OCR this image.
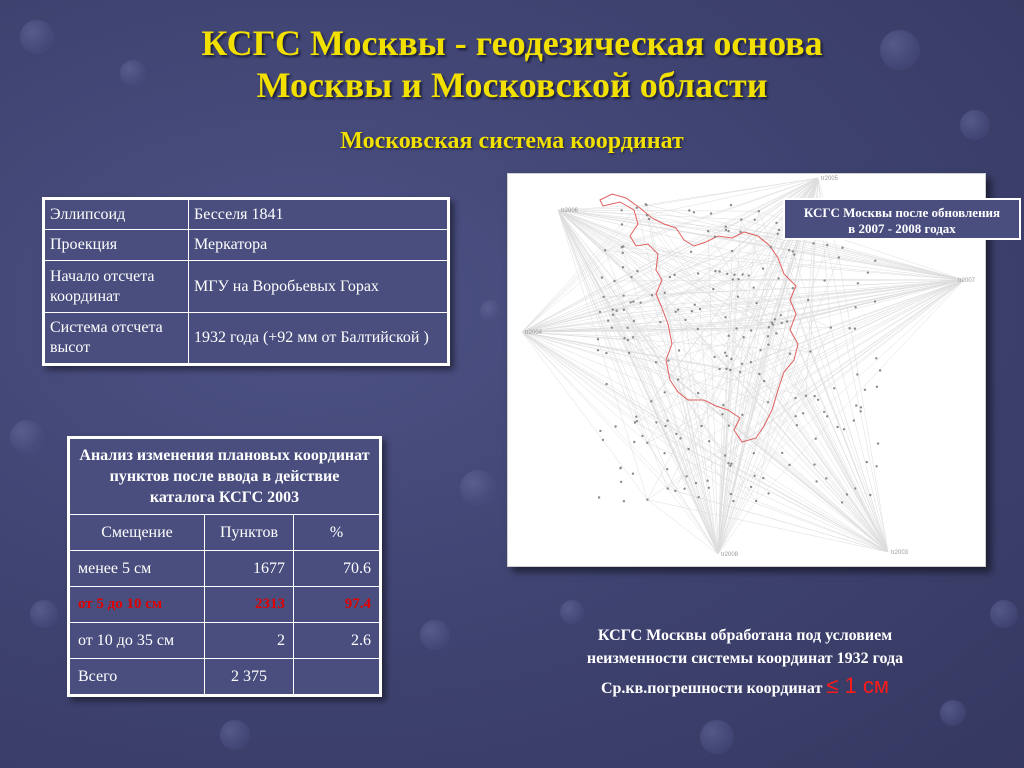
КСГС Москвы - геодезическая основа
Москвы и Московской области
Московская система координат
Эллипсоид	Бесселя 1841
Проекция	Меркатора
Начало отсчета координат	МГУ на Воробьевых Горах
Система отсчета высот	1932 года (+92 мм от Балтийской )
Анализ изменения плановых координат пунктов после ввода в действие каталога КСГС 2003		
Смещение	Пунктов	%
менее 5 см	1677	70.6
от 5 до 10 см	2313	97.4
от 10 до 35 см	2	2.6
Всего	2 375	
tr2005
tr2006
tr2007
tr2004
tr2008	tr2003
КСГС Москвы после обновления
в 2007 - 2008 годах
КСГС Москвы обработана под условием
неизменности системы координат 1932 года
Ср.кв.погрешности координат ≤ 1 см
